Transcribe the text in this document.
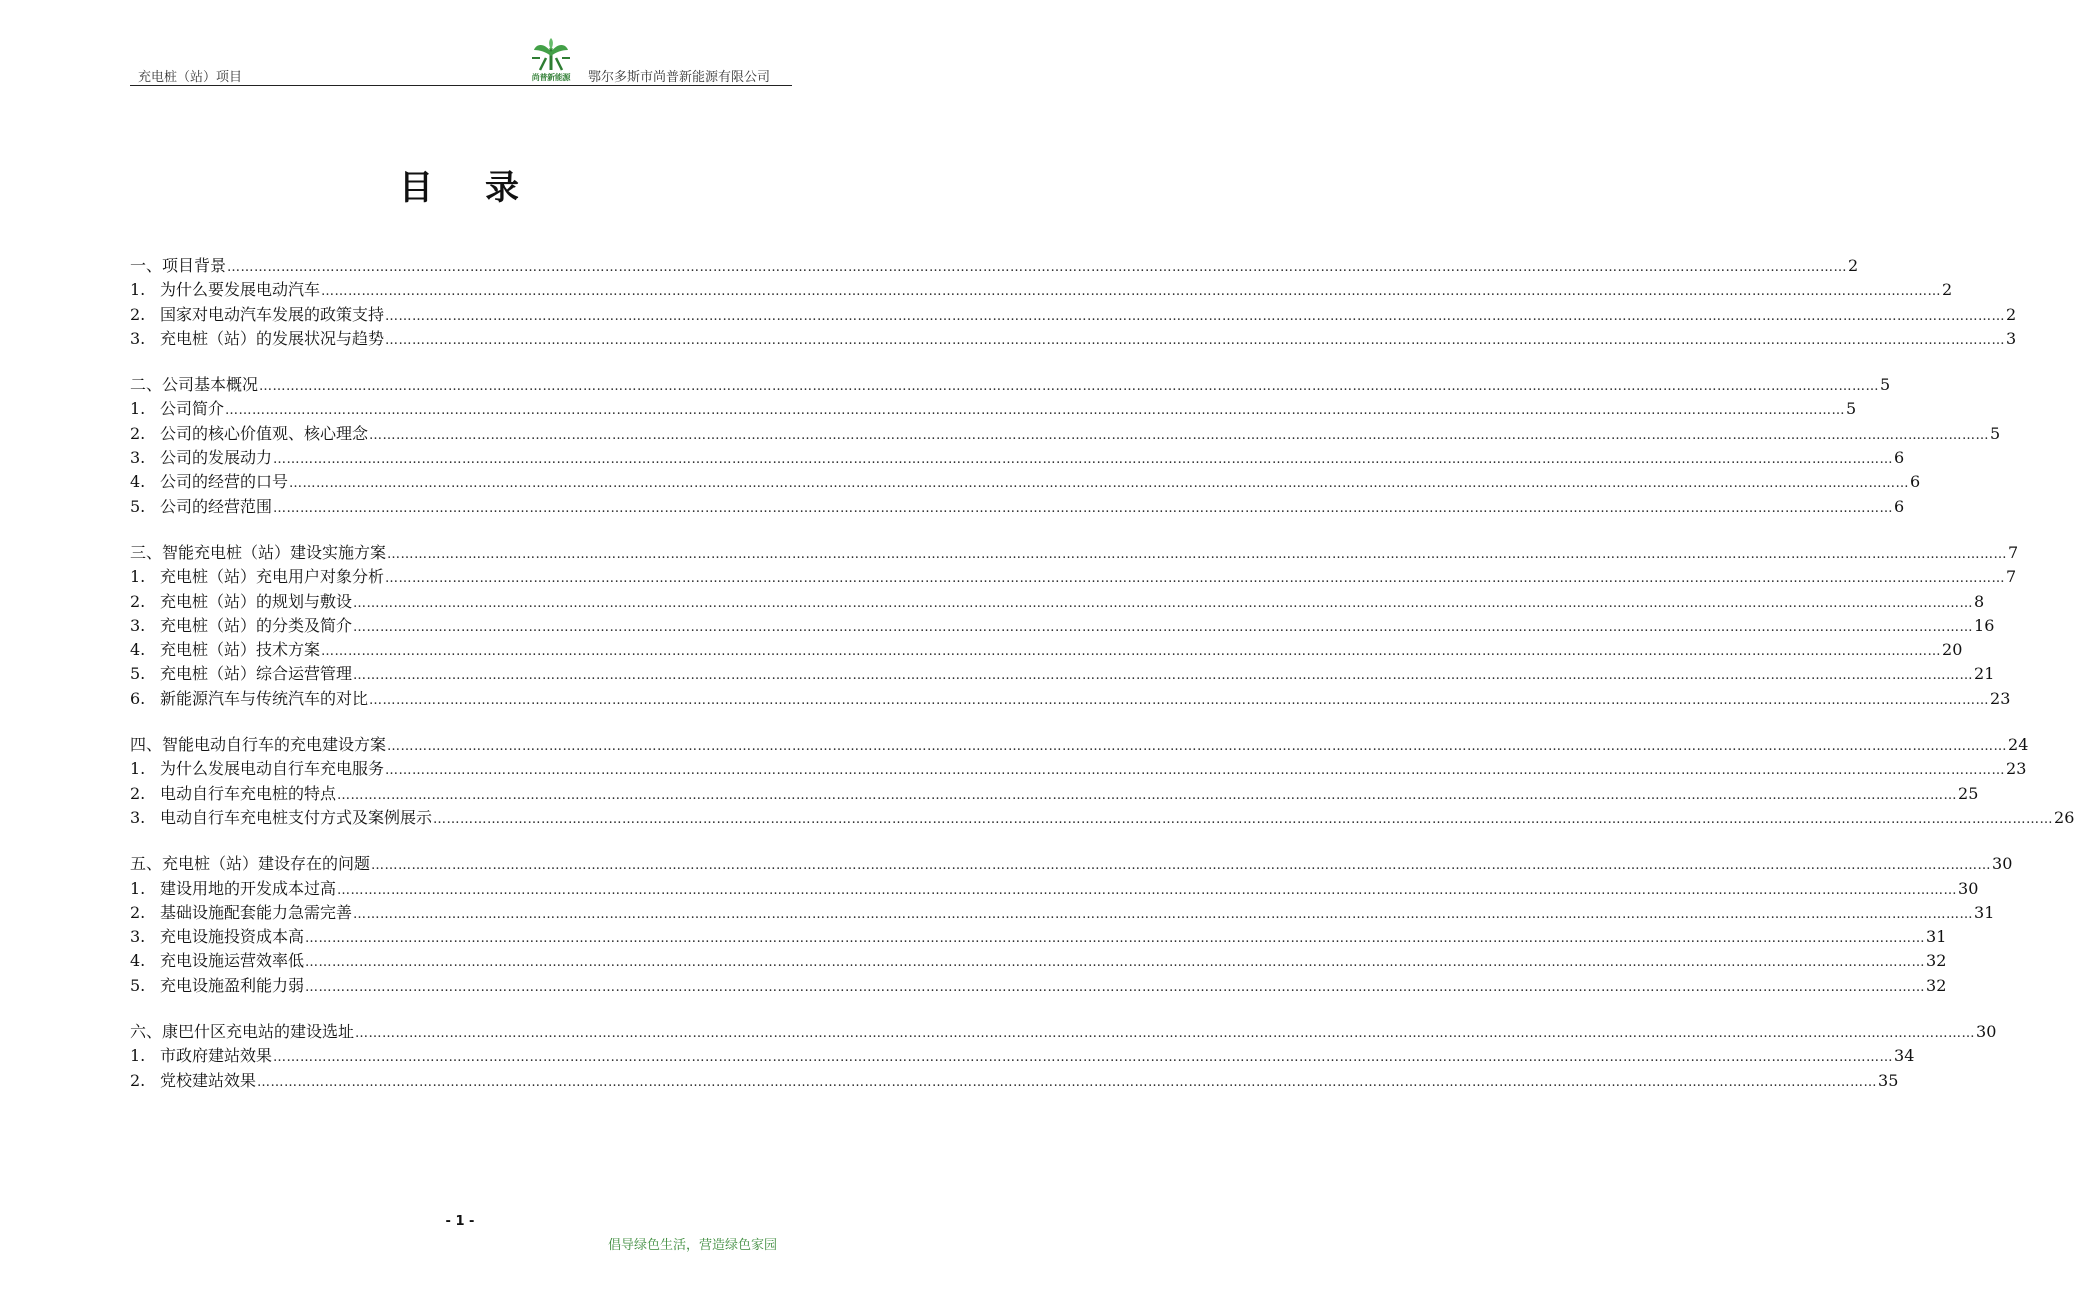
充电桩（站）项目	尚普新能源	鄂尔多斯市尚普新能源有限公司
目 录
一、 项目背景 ……………………………………………………………………………………………………………………………………………………………………………………………………………………………………………………………………………………………………………………………… 2
1. 为什么要发展电动汽车 ……………………………………………………………………………………………………………………………………………………………………………………………………………………………………………………………………………………………………………………………… 2
2. 国家对电动汽车发展的政策支持 ……………………………………………………………………………………………………………………………………………………………………………………………………………………………………………………………………………………………………………………………… 2
3. 充电桩（站）的发展状况与趋势 ……………………………………………………………………………………………………………………………………………………………………………………………………………………………………………………………………………………………………………………………… 3
二、 公司基本概况 ……………………………………………………………………………………………………………………………………………………………………………………………………………………………………………………………………………………………………………………………… 5
1. 公司简介 ……………………………………………………………………………………………………………………………………………………………………………………………………………………………………………………………………………………………………………………………… 5
2. 公司的核心价值观、核心理念 ……………………………………………………………………………………………………………………………………………………………………………………………………………………………………………………………………………………………………………………………… 5
3. 公司的发展动力 ……………………………………………………………………………………………………………………………………………………………………………………………………………………………………………………………………………………………………………………………… 6
4. 公司的经营的口号 ……………………………………………………………………………………………………………………………………………………………………………………………………………………………………………………………………………………………………………………………… 6
5. 公司的经营范围 ……………………………………………………………………………………………………………………………………………………………………………………………………………………………………………………………………………………………………………………………… 6
三、 智能充电桩（站）建设实施方案 ……………………………………………………………………………………………………………………………………………………………………………………………………………………………………………………………………………………………………………………………… 7
1. 充电桩（站）充电用户对象分析 ……………………………………………………………………………………………………………………………………………………………………………………………………………………………………………………………………………………………………………………………… 7
2. 充电桩（站）的规划与敷设 ……………………………………………………………………………………………………………………………………………………………………………………………………………………………………………………………………………………………………………………………… 8
3. 充电桩（站）的分类及简介 ……………………………………………………………………………………………………………………………………………………………………………………………………………………………………………………………………………………………………………………………… 16
4. 充电桩（站）技术方案 ……………………………………………………………………………………………………………………………………………………………………………………………………………………………………………………………………………………………………………………………… 20
5. 充电桩（站）综合运营管理 ……………………………………………………………………………………………………………………………………………………………………………………………………………………………………………………………………………………………………………………………… 21
6. 新能源汽车与传统汽车的对比 ……………………………………………………………………………………………………………………………………………………………………………………………………………………………………………………………………………………………………………………………… 23
四、 智能电动自行车的充电建设方案 ……………………………………………………………………………………………………………………………………………………………………………………………………………………………………………………………………………………………………………………………… 24
1. 为什么发展电动自行车充电服务 ……………………………………………………………………………………………………………………………………………………………………………………………………………………………………………………………………………………………………………………………… 23
2. 电动自行车充电桩的特点 ……………………………………………………………………………………………………………………………………………………………………………………………………………………………………………………………………………………………………………………………… 25
3. 电动自行车充电桩支付方式及案例展示 ……………………………………………………………………………………………………………………………………………………………………………………………………………………………………………………………………………………………………………………………… 26
五、 充电桩（站）建设存在的问题 ……………………………………………………………………………………………………………………………………………………………………………………………………………………………………………………………………………………………………………………………… 30
1. 建设用地的开发成本过高 ……………………………………………………………………………………………………………………………………………………………………………………………………………………………………………………………………………………………………………………………… 30
2. 基础设施配套能力急需完善 ……………………………………………………………………………………………………………………………………………………………………………………………………………………………………………………………………………………………………………………………… 31
3. 充电设施投资成本高 ……………………………………………………………………………………………………………………………………………………………………………………………………………………………………………………………………………………………………………………………… 31
4. 充电设施运营效率低 ……………………………………………………………………………………………………………………………………………………………………………………………………………………………………………………………………………………………………………………………… 32
5. 充电设施盈利能力弱 ……………………………………………………………………………………………………………………………………………………………………………………………………………………………………………………………………………………………………………………………… 32
六、 康巴什区充电站的建设选址 ……………………………………………………………………………………………………………………………………………………………………………………………………………………………………………………………………………………………………………………………… 30
1. 市政府建站效果 ……………………………………………………………………………………………………………………………………………………………………………………………………………………………………………………………………………………………………………………………… 34
2. 党校建站效果 ……………………………………………………………………………………………………………………………………………………………………………………………………………………………………………………………………………………………………………………………… 35
- 1 -
倡导绿色生活，营造绿色家园
